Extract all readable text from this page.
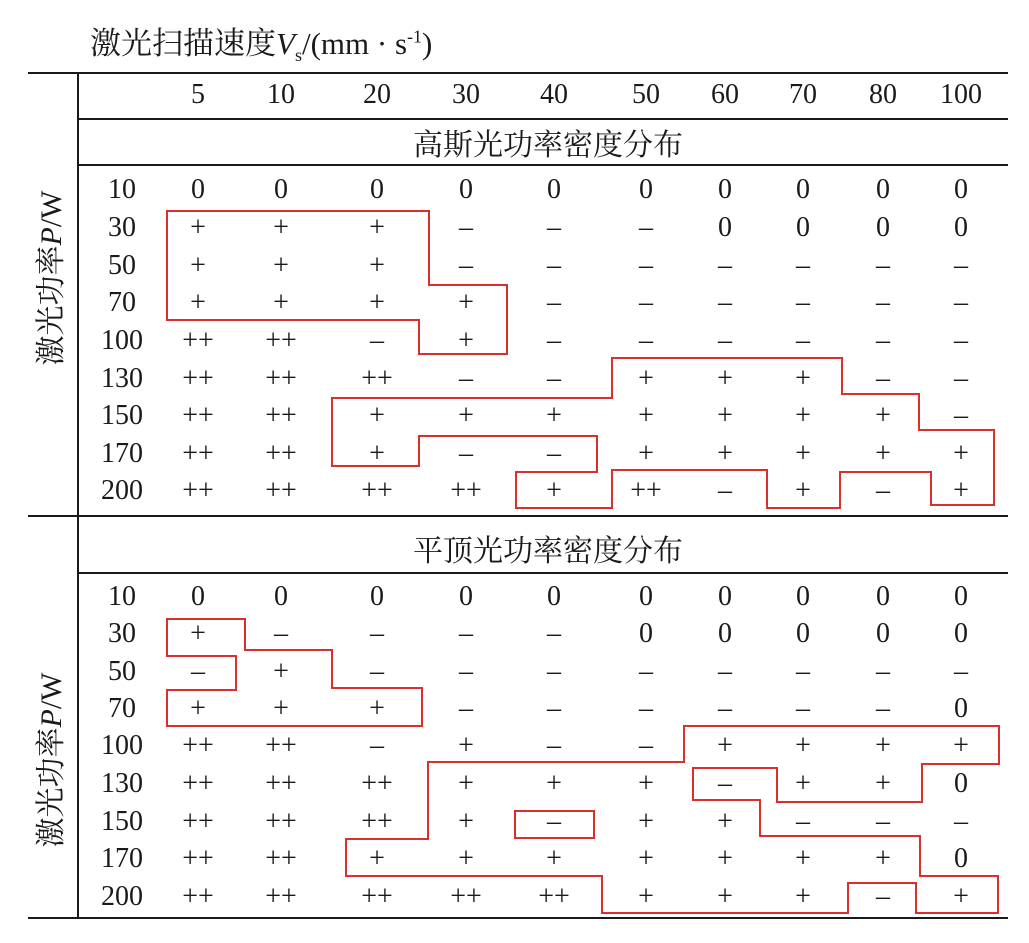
激光扫描速度$V_s/(mm \cdot s^{-1})$
激光功率P/W
激光功率P/W
高斯光功率密度分布
平顶光功率密度分布
5 10 20 30 40 50 60 70 80 100
10 0 0	0	0	0	0 0 0 0 0
30 + +	+	–	–	– 0 0 0 0
50 + +	+	–	–	– – – – –
70 + +	+	+	–	– – – – –
100 ++ ++	–	+	–	– – – – –
130 ++ ++ ++ –	–	+ + + – –
150 ++ ++	+	+	+	+ + + + –
170 ++ ++	+	–	–	+ + + + +
200 ++ ++ ++ ++ + ++ – + – +
10 0 0	0	0	0	0 0 0 0 0
30 + –	–	–	–	0 0 0 0 0
50 – +	–	–	–	– – – – –
70 + +	+	–	–	– – – – 0
100 ++ ++	–	+	–	– + + + +
130 ++ ++ ++ +	+	+ – + + 0
150 ++ ++ ++ +	–	+ + – – –
170 ++ ++	+	+	+	+ + + + 0
200 ++ ++ ++ ++ ++ + + + – +
